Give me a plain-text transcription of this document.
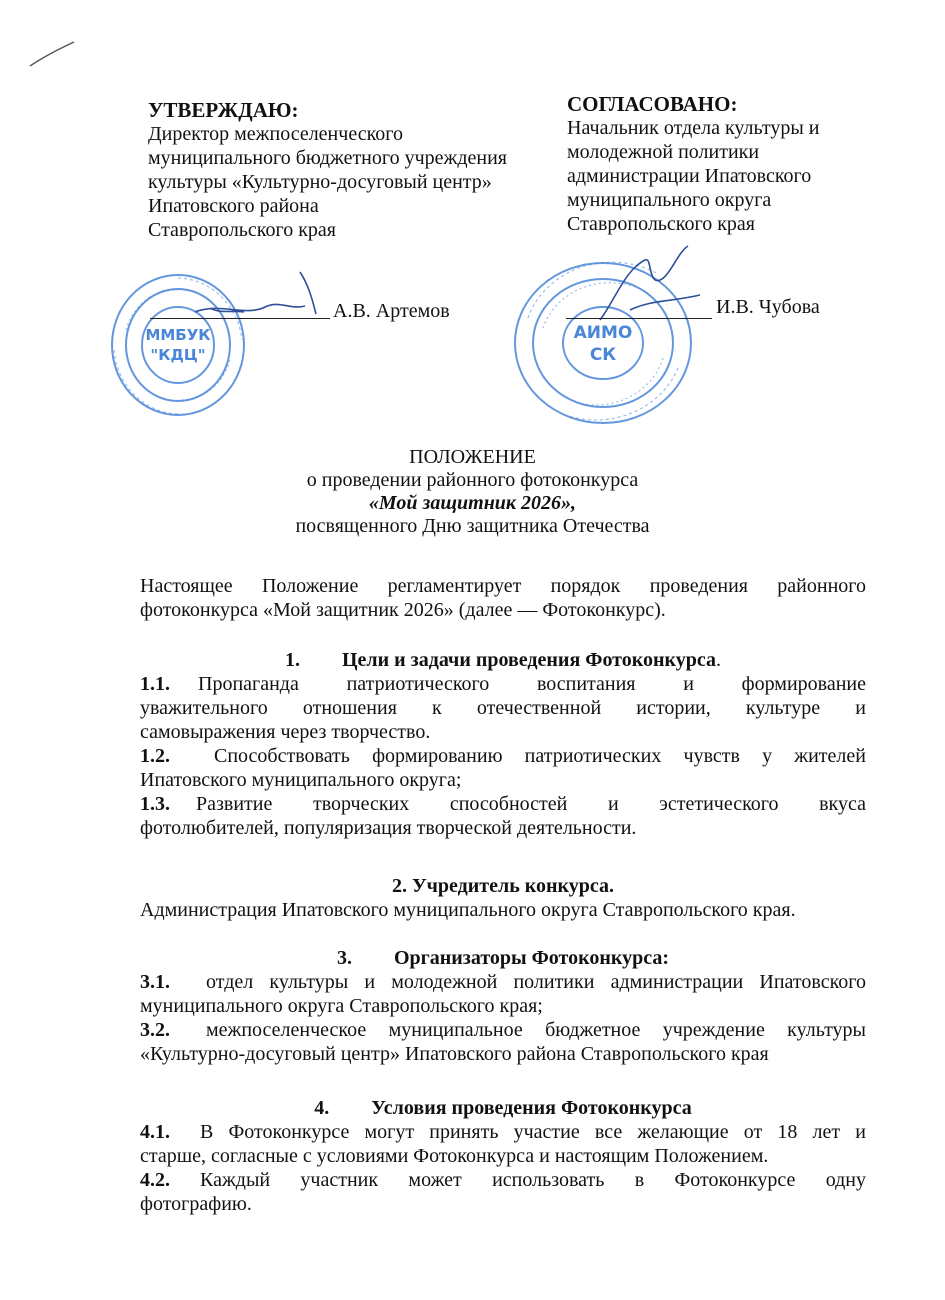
УТВЕРЖДАЮ:
Директор межпоселенческого
муниципального бюджетного учреждения
культуры «Культурно-досуговый центр»
Ипатовского района
Ставропольского края
СОГЛАСОВАНО:
Начальник отдела культуры и
молодежной политики
администрации Ипатовского
муниципального округа
Ставропольского края
ММБУК
"КДЦ"
А.В. Артемов
АИМО
СК
И.В. Чубова
ПОЛОЖЕНИЕ
о проведении районного фотоконкурса
«Мой защитник 2026»,
посвященного Дню защитника Отечества
Настоящее Положение регламентирует порядок проведения районного
фотоконкурса «Мой защитник 2026» (далее — Фотоконкурс).
1. Цели и задачи проведения Фотоконкурса.
1.1. Пропаганда патриотического воспитания и формирование
уважительного отношения к отечественной истории, культуре и
самовыражения через творчество.
1.2. Способствовать формированию патриотических чувств у жителей
Ипатовского муниципального округа;
1.3. Развитие творческих способностей и эстетического вкуса
фотолюбителей, популяризация творческой деятельности.
2. Учредитель конкурса.
Администрация Ипатовского муниципального округа Ставропольского края.
3. Организаторы Фотоконкурса:
3.1. отдел культуры и молодежной политики администрации Ипатовского
муниципального округа Ставропольского края;
3.2. межпоселенческое муниципальное бюджетное учреждение культуры
«Культурно-досуговый центр» Ипатовского района Ставропольского края
4. Условия проведения Фотоконкурса
4.1. В Фотоконкурсе могут принять участие все желающие от 18 лет и
старше, согласные с условиями Фотоконкурса и настоящим Положением.
4.2. Каждый участник может использовать в Фотоконкурсе одну
фотографию.
